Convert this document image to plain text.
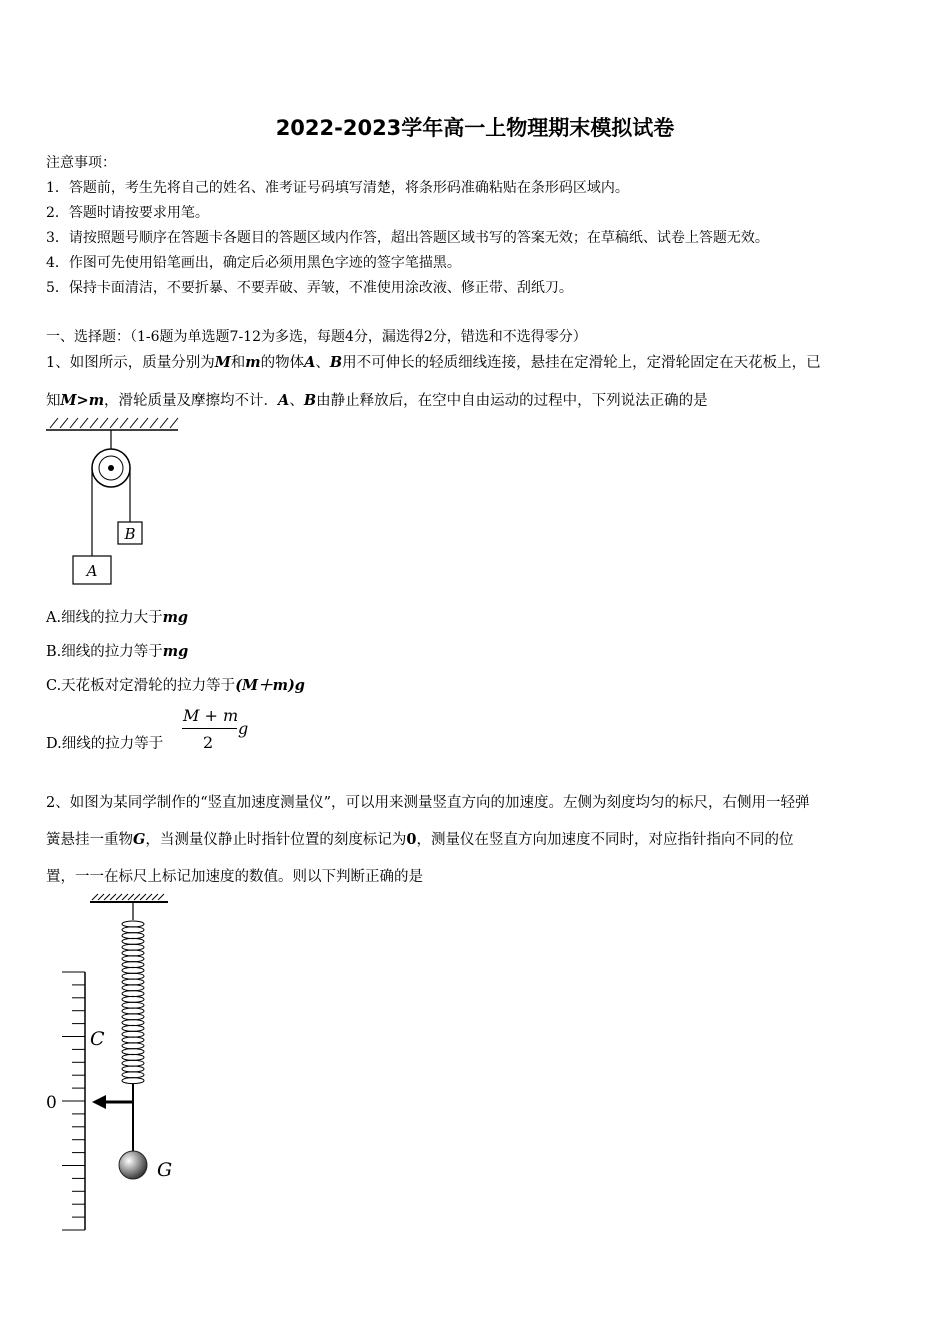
2022-2023学年高一上物理期末模拟试卷
注意事项：
1．答题前，考生先将自己的姓名、准考证号码填写清楚，将条形码准确粘贴在条形码区域内。
2．答题时请按要求用笔。
3．请按照题号顺序在答题卡各题目的答题区域内作答，超出答题区域书写的答案无效；在草稿纸、试卷上答题无效。
4．作图可先使用铅笔画出，确定后必须用黑色字迹的签字笔描黑。
5．保持卡面清洁，不要折暴、不要弄破、弄皱，不准使用涂改液、修正带、刮纸刀。
一、选择题：（1-6题为单选题7-12为多选，每题4分，漏选得2分，错选和不选得零分）
1、如图所示，质量分别为M和m的物体A、B用不可伸长的轻质细线连接，悬挂在定滑轮上，定滑轮固定在天花板上，已
知M>m，滑轮质量及摩擦均不计．A、B由静止释放后，在空中自由运动的过程中，下列说法正确的是
B
A
A.细线的拉力大于mg
B.细线的拉力等于mg
C.天花板对定滑轮的拉力等于(M＋m)g
D.细线的拉力等于
M + m
2
g
2、如图为某同学制作的“竖直加速度测量仪”，可以用来测量竖直方向的加速度。左侧为刻度均匀的标尺，右侧用一轻弹
簧悬挂一重物G，当测量仪静止时指针位置的刻度标记为0，测量仪在竖直方向加速度不同时，对应指针指向不同的位
置，一一在标尺上标记加速度的数值。则以下判断正确的是
C
0
G
